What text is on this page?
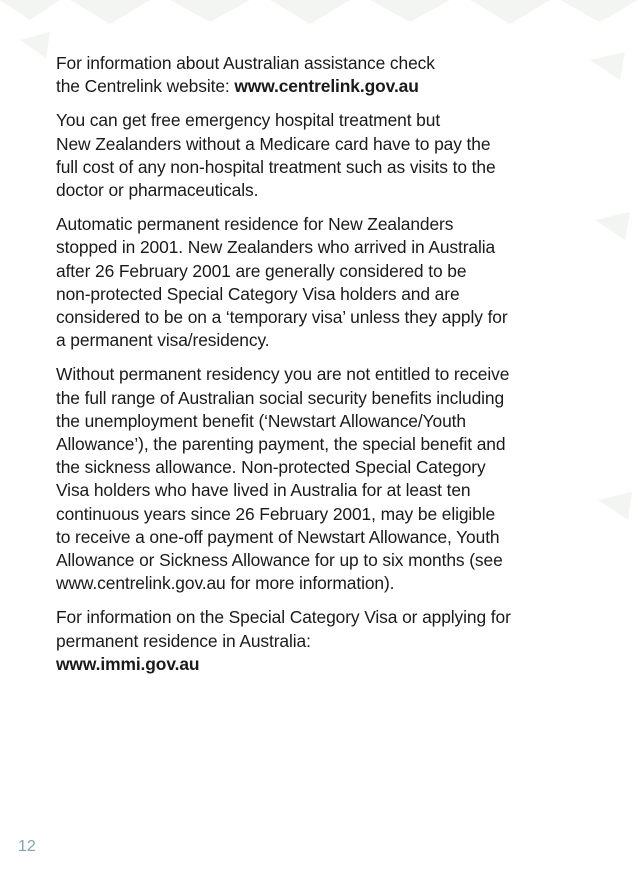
For information about Australian assistance check
the Centrelink website: www.centrelink.gov.au

You can get free emergency hospital treatment but
New Zealanders without a Medicare card have to pay the
full cost of any non-hospital treatment such as visits to the
doctor or pharmaceuticals.

Automatic permanent residence for New Zealanders
stopped in 2001. New Zealanders who arrived in Australia
after 26 February 2001 are generally considered to be
non-protected Special Category Visa holders and are
considered to be on a ‘temporary visa’ unless they apply for
a permanent visa/residency.

Without permanent residency you are not entitled to receive
the full range of Australian social security benefits including
the unemployment benefit (‘Newstart Allowance/Youth
Allowance’), the parenting payment, the special benefit and
the sickness allowance. Non-protected Special Category
Visa holders who have lived in Australia for at least ten
continuous years since 26 February 2001, may be eligible
to receive a one-off payment of Newstart Allowance, Youth
Allowance or Sickness Allowance for up to six months (see
www.centrelink.gov.au for more information).

For information on the Special Category Visa or applying for
permanent residence in Australia:
www.immi.gov.au

12
